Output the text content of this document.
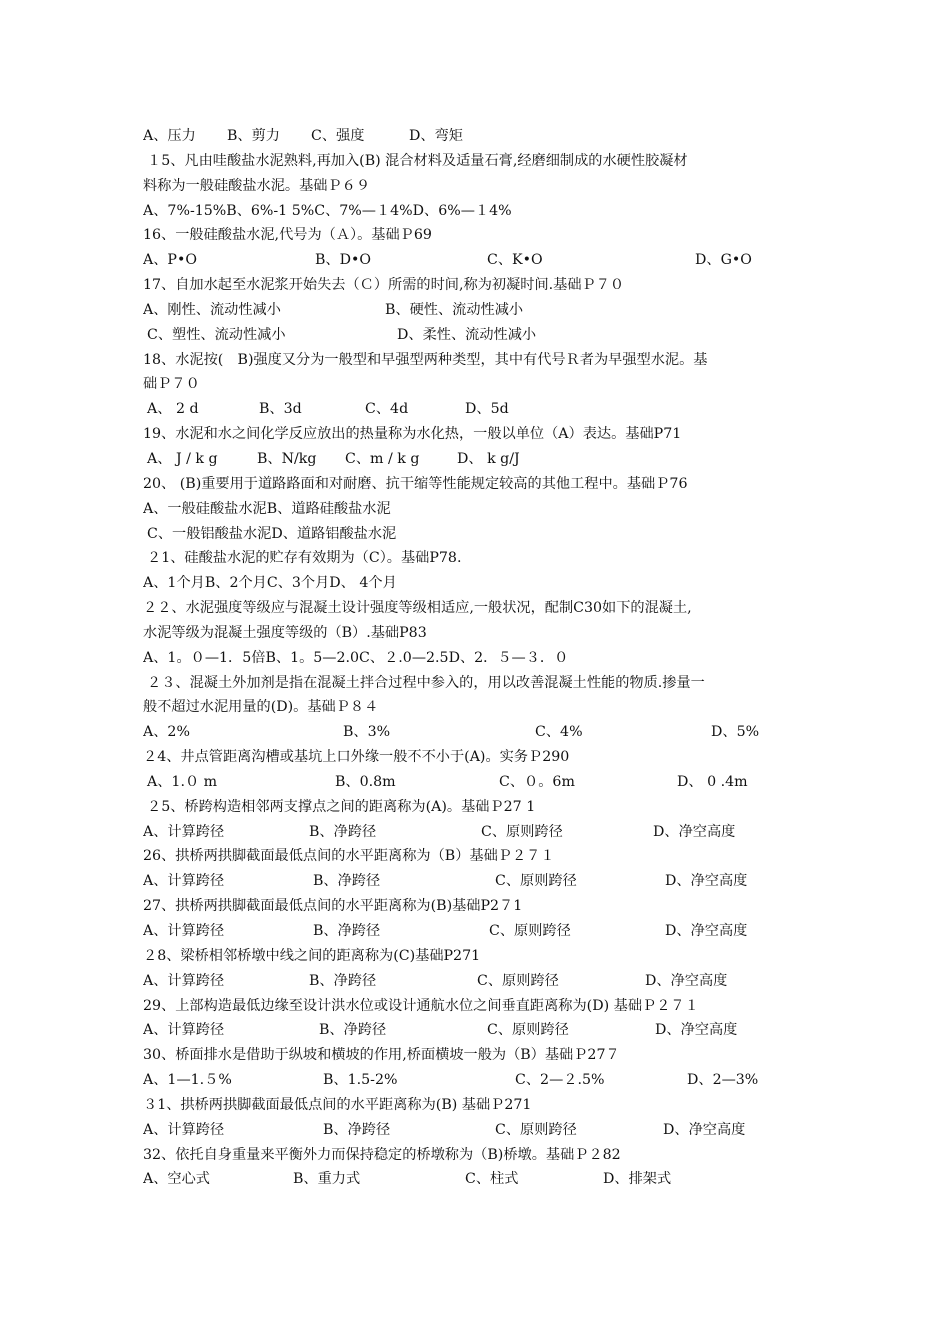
A、压力	B、剪力	C、强度	D、弯矩
１5、凡由哇酸盐水泥熟料,再加入(B) 混合材料及适量石膏,经磨细制成的水硬性胶凝材
料称为一般硅酸盐水泥。基础Ｐ６９
A、7%-15%B、6%-1 5%C、7%—１4%D、6%—１4%
16、一般硅酸盐水泥,代号为（Ａ）。基础Ｐ69
A、P•O	B、D•O	C、K•O	D、G•O
17、自加水起至水泥浆开始失去（Ｃ）所需的时间,称为初凝时间.基础Ｐ７０
A、刚性、流动性减小	B、硬性、流动性减小
C、塑性、流动性减小	D、柔性、流动性减小
18、水泥按(　B)强度又分为一般型和早强型两种类型，其中有代号Ｒ者为早强型水泥。基
础Ｐ７０
A、 2 d	B、3d	C、4d	D、5d
19、水泥和水之间化学反应放出的热量称为水化热，一般以单位（A）表达。基础P71
A、 J / k g	B、N/kg	C、m / k g	D、 k g/J
20、 (B)重要用于道路路面和对耐磨、抗干缩等性能规定较高的其他工程中。基础Ｐ76
A、一般硅酸盐水泥B、道路硅酸盐水泥
C、一般铝酸盐水泥D、道路铝酸盐水泥
２1、硅酸盐水泥的贮存有效期为（C）。基础P78.
A、1个月B、2个月C、3个月D、 4个月
２２、水泥强度等级应与混凝土设计强度等级相适应,一般状况，配制C30如下的混凝土,
水泥等级为混凝土强度等级的（B）.基础P83
A、1。０—1．5倍B、1。5—2.0C、２.0—2.5D、2．５—３．０
２３、混凝土外加剂是指在混凝土拌合过程中参入的，用以改善混凝土性能的物质.掺量一
般不超过水泥用量的(D)。基础Ｐ８４
A、2%	B、3%	C、4%	D、5%
２4、井点管距离沟槽或基坑上口外缘一般不不小于(A)。实务Ｐ290
A、1.０ m	B、0.8m	C、０。6m	D、 0 .4m
２5、桥跨构造相邻两支撑点之间的距离称为(A)。基础Ｐ27 1
A、计算跨径	B、净跨径	C、原则跨径	D、净空高度
26、拱桥两拱脚截面最低点间的水平距离称为（B）基础Ｐ２７１
A、计算跨径	B、净跨径	C、原则跨径	D、净空高度
27、拱桥两拱脚截面最低点间的水平距离称为(B)基础P2７1
A、计算跨径	B、净跨径	C、原则跨径	D、净空高度
２8、梁桥相邻桥墩中线之间的距离称为(C)基础P271
A、计算跨径	B、净跨径	C、原则跨径	D、净空高度
29、上部构造最低边缘至设计洪水位或设计通航水位之间垂直距离称为(D) 基础Ｐ２７１
A、计算跨径	B、净跨径	C、原则跨径	D、净空高度
30、桥面排水是借助于纵坡和横坡的作用,桥面横坡一般为（B）基础Ｐ27７
A、1—1.５%	B、1.5-2%	C、2—２.5%	D、2—3%
３1、拱桥两拱脚截面最低点间的水平距离称为(B) 基础Ｐ271
A、计算跨径	B、净跨径	C、原则跨径	D、净空高度
32、依托自身重量来平衡外力而保持稳定的桥墩称为（B)桥墩。基础Ｐ２82
A、空心式	B、重力式	C、柱式	D、排架式
